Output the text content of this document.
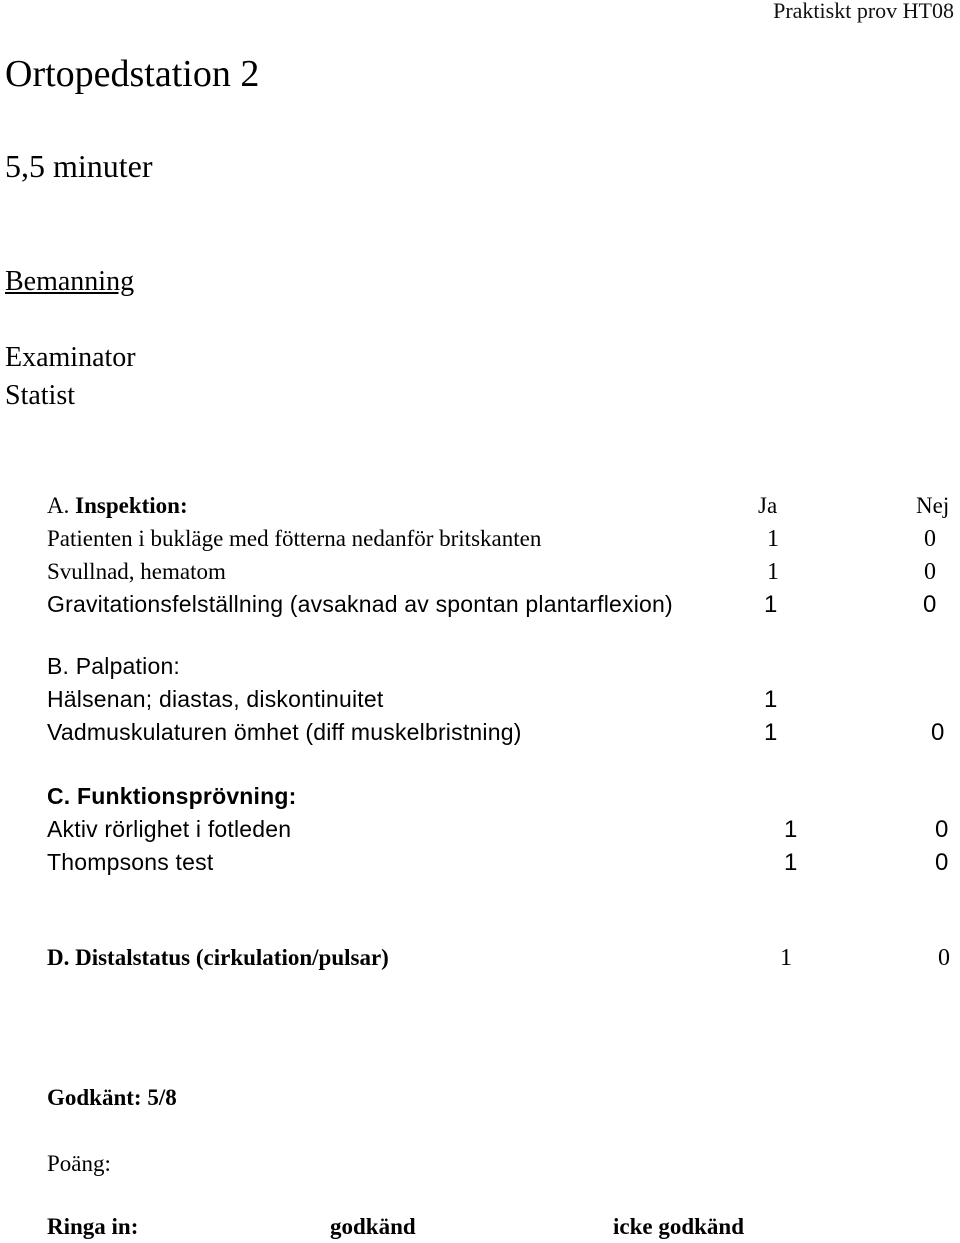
Praktiskt prov HT08
Ortopedstation 2
5,5 minuter
Bemanning
Examinator
Statist
A. Inspektion:	Ja	Nej
Patienten i bukläge med fötterna nedanför britskanten	1	0
Svullnad, hematom	1	0
Gravitationsfelställning (avsaknad av spontan plantarflexion)	1	0
B. Palpation:
Hälsenan; diastas, diskontinuitet	1
Vadmuskulaturen ömhet (diff muskelbristning)	1	0
C. Funktionsprövning:
Aktiv rörlighet i fotleden	1	0
Thompsons test	1	0
D. Distalstatus (cirkulation/pulsar)	1	0
Godkänt: 5/8
Poäng:
Ringa in:	godkänd	icke godkänd
